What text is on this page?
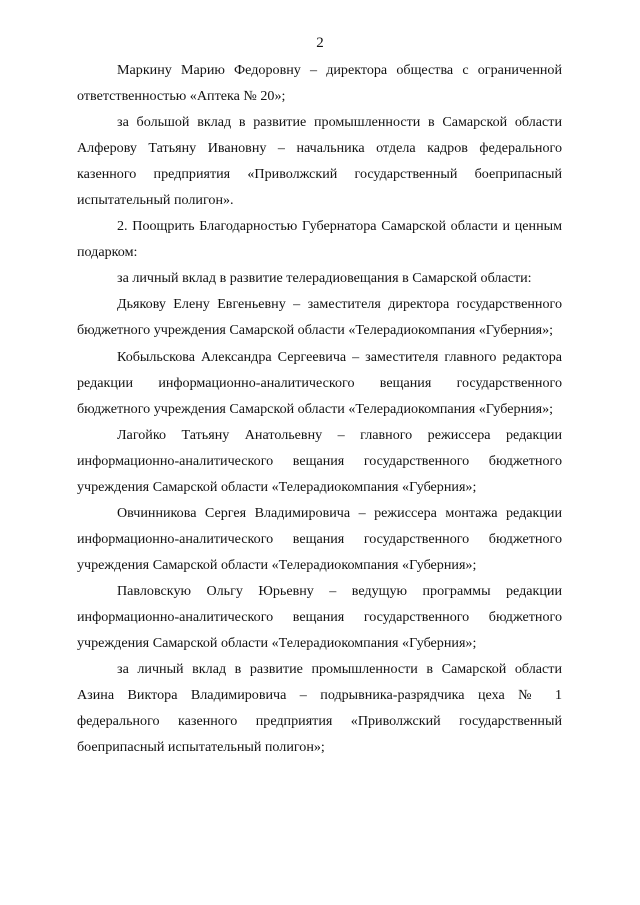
2

Маркину Марию Федоровну – директора общества с ограниченной ответственностью «Аптека № 20»;

за большой вклад в развитие промышленности в Самарской области Алферову Татьяну Ивановну – начальника отдела кадров федерального казенного предприятия «Приволжский государственный боеприпасный испытательный полигон».

2. Поощрить Благодарностью Губернатора Самарской области и ценным подарком:

за личный вклад в развитие телерадиовещания в Самарской области:

Дьякову Елену Евгеньевну – заместителя директора государственного бюджетного учреждения Самарской области «Телерадиокомпания «Губерния»;

Кобыльскова Александра Сергеевича – заместителя главного редактора редакции информационно-аналитического вещания государственного бюджетного учреждения Самарской области «Телерадиокомпания «Губерния»;

Лагойко Татьяну Анатольевну – главного режиссера редакции информационно-аналитического вещания государственного бюджетного учреждения Самарской области «Телерадиокомпания «Губерния»;

Овчинникова Сергея Владимировича – режиссера монтажа редакции информационно-аналитического вещания государственного бюджетного учреждения Самарской области «Телерадиокомпания «Губерния»;

Павловскую Ольгу Юрьевну – ведущую программы редакции информационно-аналитического вещания государственного бюджетного учреждения Самарской области «Телерадиокомпания «Губерния»;

за личный вклад в развитие промышленности в Самарской области Азина Виктора Владимировича – подрывника-разрядчика цеха № 1 федерального казенного предприятия «Приволжский государственный боеприпасный испытательный полигон»;
